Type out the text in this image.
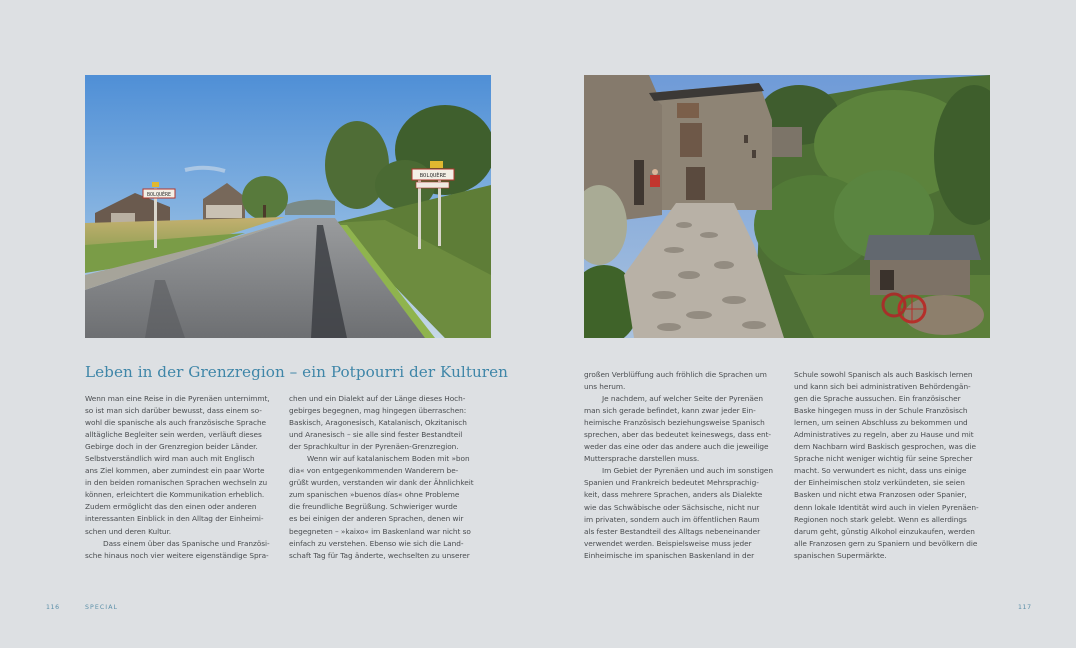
BOLQUÈRE
BOLQUÈRE
Leben in der Grenzregion – ein Potpourri der Kulturen
Wenn man eine Reise in die Pyrenäen unternimmt,
so ist man sich darüber bewusst, dass einem so-
wohl die spanische als auch französische Sprache
alltägliche Begleiter sein werden, verläuft dieses
Gebirge doch in der Grenzregion beider Länder.
Selbstverständlich wird man auch mit Englisch
ans Ziel kommen, aber zumindest ein paar Worte
in den beiden romanischen Sprachen wechseln zu
können, erleichtert die Kommunikation erheblich.
Zudem ermöglicht das den einen oder anderen
interessanten Einblick in den Alltag der Einheimi-
schen und deren Kultur.
Dass einem über das Spanische und Französi-
sche hinaus noch vier weitere eigenständige Spra-
chen und ein Dialekt auf der Länge dieses Hoch-
gebirges begegnen, mag hingegen überraschen:
Baskisch, Aragonesisch, Katalanisch, Okzitanisch
und Aranesisch – sie alle sind fester Bestandteil
der Sprachkultur in der Pyrenäen-Grenzregion.
Wenn wir auf katalanischem Boden mit »bon
dia« von entgegenkommenden Wanderern be-
grüßt wurden, verstanden wir dank der Ähnlichkeit
zum spanischen »buenos días« ohne Probleme
die freundliche Begrüßung. Schwieriger wurde
es bei einigen der anderen Sprachen, denen wir
begegneten – »kaixo« im Baskenland war nicht so
einfach zu verstehen. Ebenso wie sich die Land-
schaft Tag für Tag änderte, wechselten zu unserer
großen Verblüffung auch fröhlich die Sprachen um
uns herum.
Je nachdem, auf welcher Seite der Pyrenäen
man sich gerade befindet, kann zwar jeder Ein-
heimische Französisch beziehungsweise Spanisch
sprechen, aber das bedeutet keineswegs, dass ent-
weder das eine oder das andere auch die jeweilige
Muttersprache darstellen muss.
Im Gebiet der Pyrenäen und auch im sonstigen
Spanien und Frankreich bedeutet Mehrsprachig-
keit, dass mehrere Sprachen, anders als Dialekte
wie das Schwäbische oder Sächsische, nicht nur
im privaten, sondern auch im öffentlichen Raum
als fester Bestandteil des Alltags nebeneinander
verwendet werden. Beispielsweise muss jeder
Einheimische im spanischen Baskenland in der
Schule sowohl Spanisch als auch Baskisch lernen
und kann sich bei administrativen Behördengän-
gen die Sprache aussuchen. Ein französischer
Baske hingegen muss in der Schule Französisch
lernen, um seinen Abschluss zu bekommen und
Administratives zu regeln, aber zu Hause und mit
dem Nachbarn wird Baskisch gesprochen, was die
Sprache nicht weniger wichtig für seine Sprecher
macht. So verwundert es nicht, dass uns einige
der Einheimischen stolz verkündeten, sie seien
Basken und nicht etwa Franzosen oder Spanier,
denn lokale Identität wird auch in vielen Pyrenäen-
Regionen noch stark gelebt. Wenn es allerdings
darum geht, günstig Alkohol einzukaufen, werden
alle Franzosen gern zu Spaniern und bevölkern die
spanischen Supermärkte.
116	SPECIAL	117
